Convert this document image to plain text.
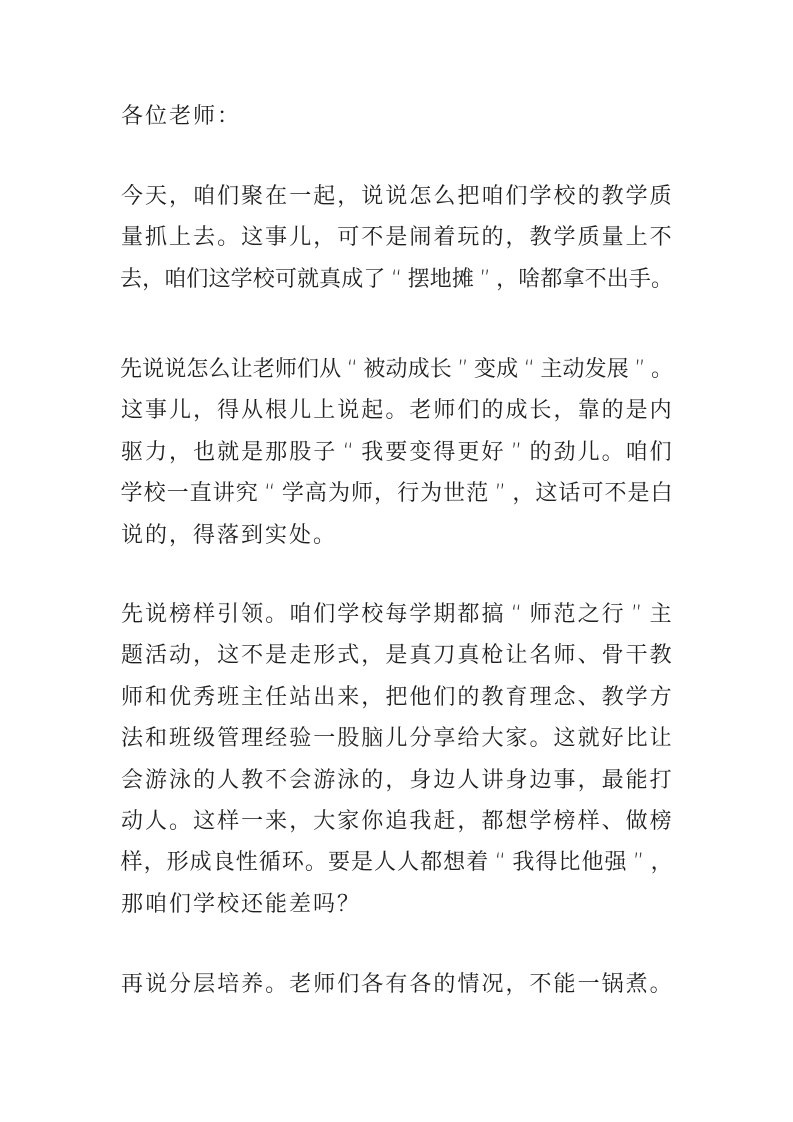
各 位 老 师 ：
今 天 ， 咱 们 聚 在 一 起 ， 说 说 怎 么 把 咱 们 学 校 的 教 学 质
量 抓 上 去 。 这 事 儿 ， 可 不 是 闹 着 玩 的 ， 教 学 质 量 上 不
去 ， 咱 们 这 学 校 可 就 真 成 了 “ 摆 地 摊 ” ， 啥 都 拿 不 出 手 。
先 说 说 怎 么 让 老 师 们 从 “ 被 动 成 长 ” 变 成 “ 主 动 发 展 ” 。
这 事 儿 ， 得 从 根 儿 上 说 起 。 老 师 们 的 成 长 ， 靠 的 是 内
驱 力 ， 也 就 是 那 股 子 “ 我 要 变 得 更 好 ” 的 劲 儿 。 咱 们
学 校 一 直 讲 究 “ 学 高 为 师 ， 行 为 世 范 ” ， 这 话 可 不 是 白
说 的 ， 得 落 到 实 处 。
先 说 榜 样 引 领 。 咱 们 学 校 每 学 期 都 搞 “ 师 范 之 行 ” 主
题 活 动 ， 这 不 是 走 形 式 ， 是 真 刀 真 枪 让 名 师 、 骨 干 教
师 和 优 秀 班 主 任 站 出 来 ， 把 他 们 的 教 育 理 念 、 教 学 方
法 和 班 级 管 理 经 验 一 股 脑 儿 分 享 给 大 家 。 这 就 好 比 让
会 游 泳 的 人 教 不 会 游 泳 的 ， 身 边 人 讲 身 边 事 ， 最 能 打
动 人 。 这 样 一 来 ， 大 家 你 追 我 赶 ， 都 想 学 榜 样 、 做 榜
样 ， 形 成 良 性 循 环 。 要 是 人 人 都 想 着 “ 我 得 比 他 强 ” ，
那 咱 们 学 校 还 能 差 吗 ？
再 说 分 层 培 养 。 老 师 们 各 有 各 的 情 况 ， 不 能 一 锅 煮 。
